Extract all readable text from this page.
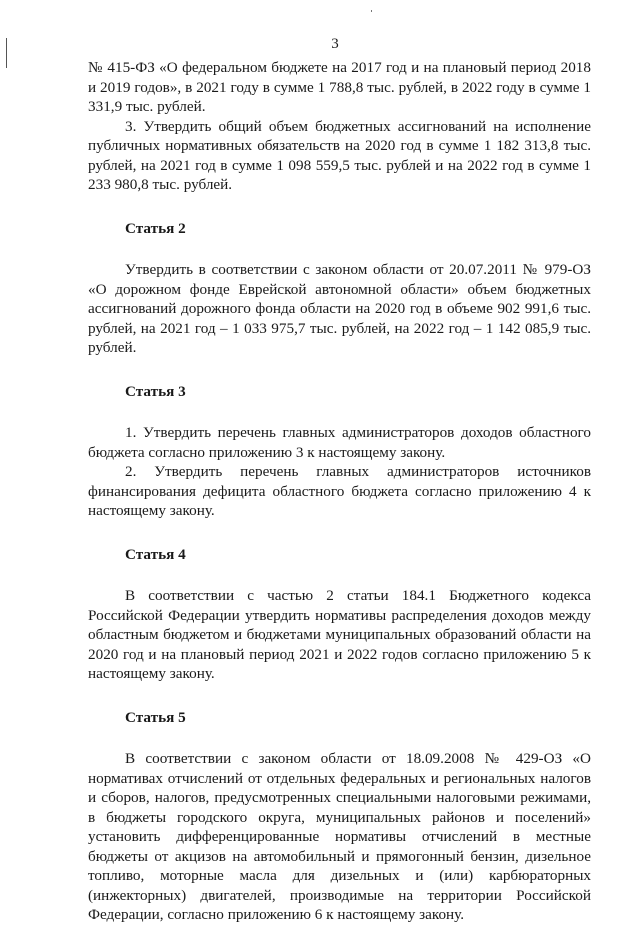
3

№ 415-ФЗ «О федеральном бюджете на 2017 год и на плановый период 2018 и 2019 годов», в 2021 году в сумме 1 788,8 тыс. рублей, в 2022 году в сумме 1 331,9 тыс. рублей.

3. Утвердить общий объем бюджетных ассигнований на исполнение публичных нормативных обязательств на 2020 год в сумме 1 182 313,8 тыс. рублей, на 2021 год в сумме 1 098 559,5 тыс. рублей и на 2022 год в сумме 1 233 980,8 тыс. рублей.

Статья 2

Утвердить в соответствии с законом области от 20.07.2011 № 979-ОЗ «О дорожном фонде Еврейской автономной области» объем бюджетных ассигнований дорожного фонда области на 2020 год в объеме 902 991,6 тыс. рублей, на 2021 год – 1 033 975,7 тыс. рублей, на 2022 год – 1 142 085,9 тыс. рублей.

Статья 3

1. Утвердить перечень главных администраторов доходов областного бюджета согласно приложению 3 к настоящему закону.

2. Утвердить перечень главных администраторов источников финансирования дефицита областного бюджета согласно приложению 4 к настоящему закону.

Статья 4

В соответствии с частью 2 статьи 184.1 Бюджетного кодекса Российской Федерации утвердить нормативы распределения доходов между областным бюджетом и бюджетами муниципальных образований области на 2020 год и на плановый период 2021 и 2022 годов согласно приложению 5 к настоящему закону.

Статья 5

В соответствии с законом области от 18.09.2008 № 429-ОЗ «О нормативах отчислений от отдельных федеральных и региональных налогов и сборов, налогов, предусмотренных специальными налоговыми режимами, в бюджеты городского округа, муниципальных районов и поселений» установить дифференцированные нормативы отчислений в местные бюджеты от акцизов на автомобильный и прямогонный бензин, дизельное топливо, моторные масла для дизельных и (или) карбюраторных (инжекторных) двигателей, производимые на территории Российской Федерации, согласно приложению 6 к настоящему закону.
